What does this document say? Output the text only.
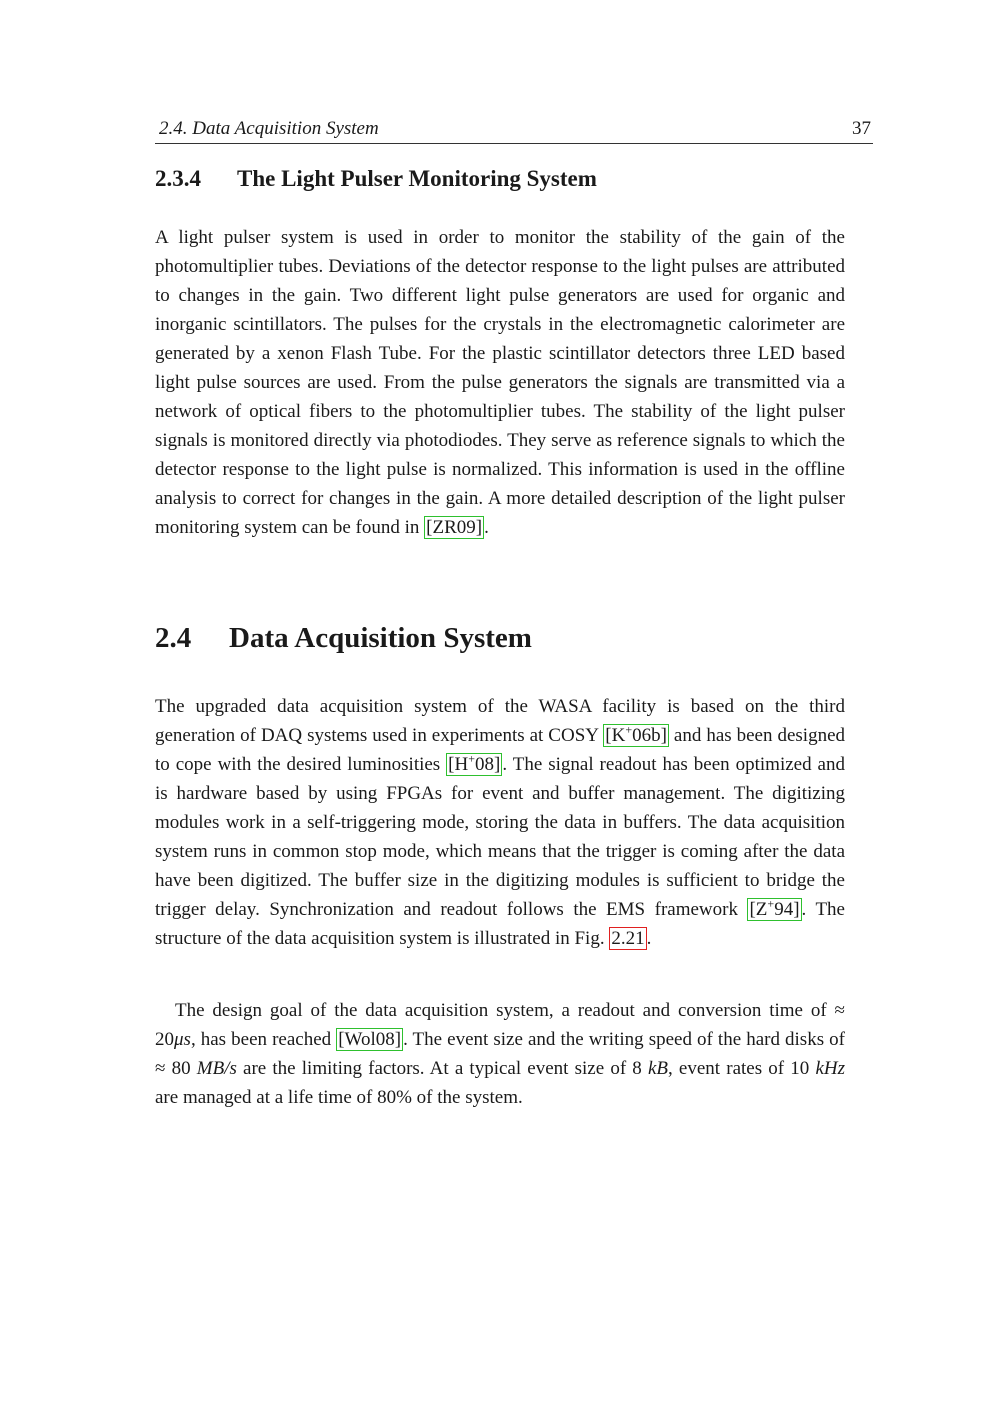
2.4. Data Acquisition System	37
2.3.4 The Light Pulser Monitoring System

A light pulser system is used in order to monitor the stability of the gain of the photomultiplier tubes. Deviations of the detector response to the light pulses are attributed to changes in the gain. Two different light pulse generators are used for organic and inorganic scintillators. The pulses for the crystals in the electromagnetic calorimeter are generated by a xenon Flash Tube. For the plastic scintillator detectors three LED based light pulse sources are used. From the pulse generators the signals are transmitted via a network of optical fibers to the photomultiplier tubes. The stability of the light pulser signals is monitored directly via photodiodes. They serve as reference signals to which the detector response to the light pulse is normalized. This information is used in the offline analysis to correct for changes in the gain. A more detailed description of the light pulser monitoring system can be found in [ZR09] .

2.4 Data Acquisition System

The upgraded data acquisition system of the WASA facility is based on the third generation of DAQ systems used in experiments at COSY [K+06b] and has been designed to cope with the desired luminosities [H+08] . The signal readout has been optimized and is hardware based by using FPGAs for event and buffer management. The digitizing modules work in a self-triggering mode, storing the data in buffers. The data acquisition system runs in common stop mode, which means that the trigger is coming after the data have been digitized. The buffer size in the digitizing modules is sufficient to bridge the trigger delay. Synchronization and readout follows the EMS framework [Z+94] . The structure of the data acquisition system is illustrated in Fig. 2.21 .

The design goal of the data acquisition system, a readout and conversion time of ≈ 20μs, has been reached [Wol08] . The event size and the writing speed of the hard disks of ≈ 80 MB/s are the limiting factors. At a typical event size of 8 kB, event rates of 10 kHz are managed at a life time of 80% of the system.
